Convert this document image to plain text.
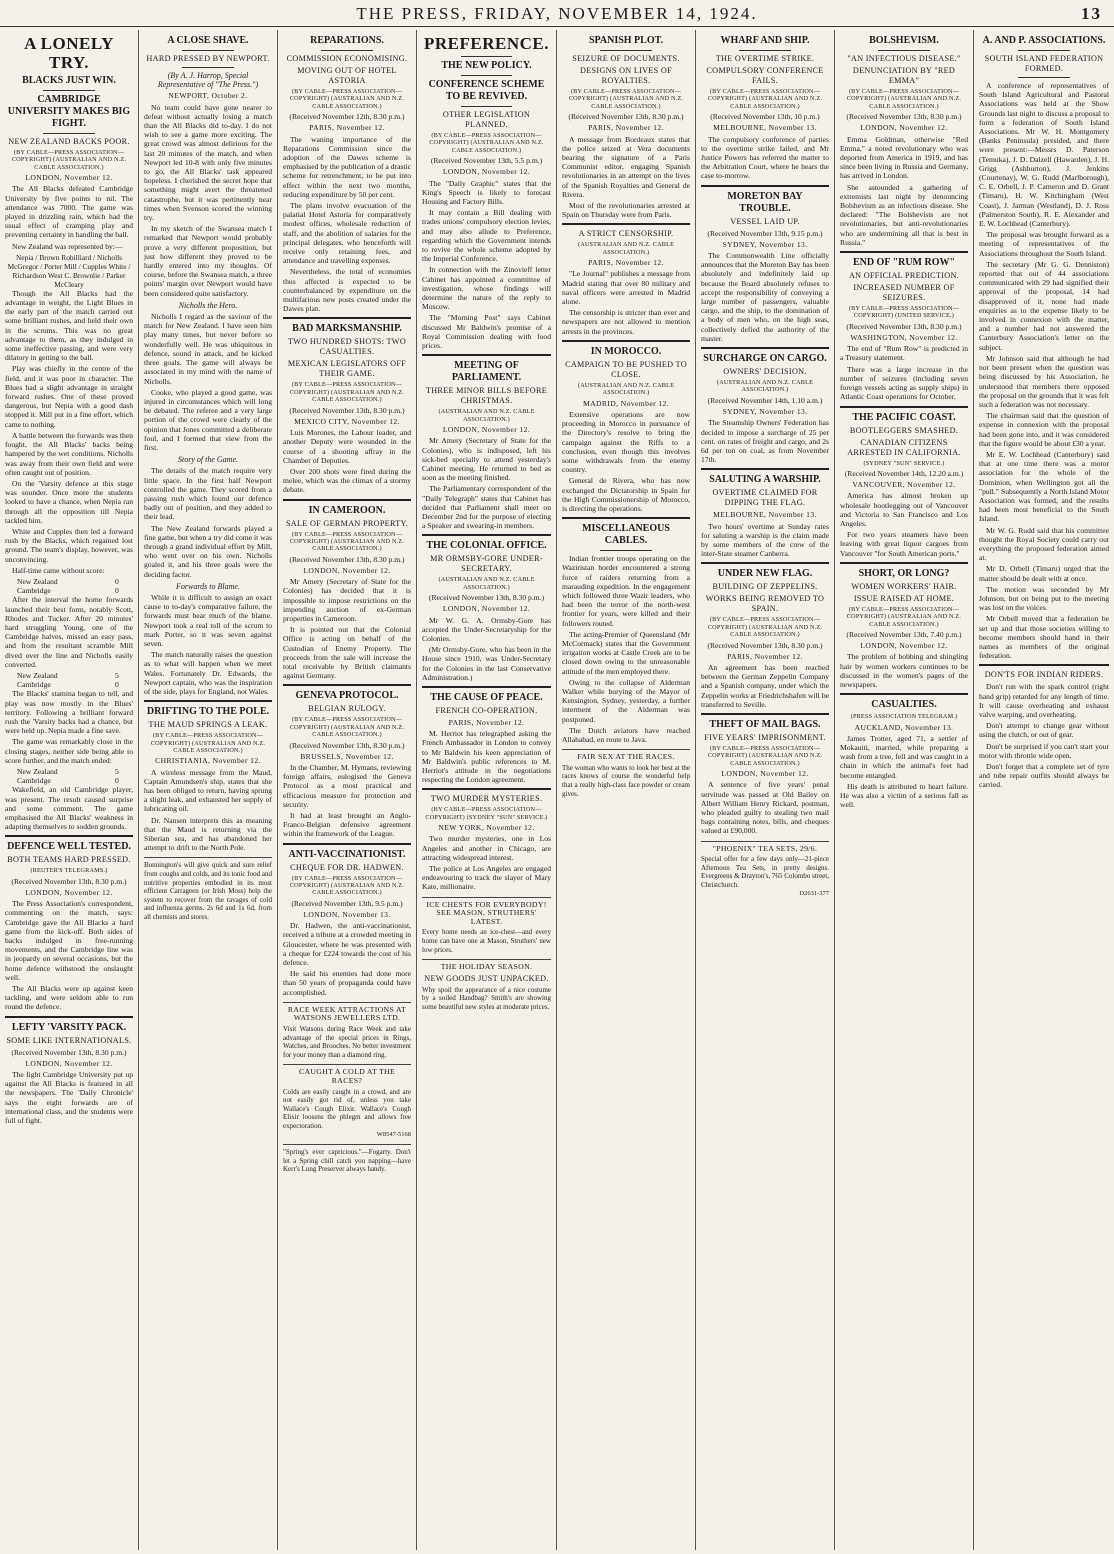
THE PRESS, FRIDAY, NOVEMBER 14, 1924.	13
A LONELY TRY.
BLACKS JUST WIN.
CAMBRIDGE UNIVERSITY MAKES BIG FIGHT.
NEW ZEALAND BACKS POOR.
(BY CABLE—PRESS ASSOCIATION—COPYRIGHT) (AUSTRALIAN AND N.Z. CABLE ASSOCIATION.)
LONDON, November 12.

The All Blacks defeated Cambridge University by five points to nil. The attendance was 7000. The game was played in drizzling rain, which had the usual effect of cramping play and preventing certainty in handling the ball.

New Zealand was represented by:—

Nepia / Brown Robilliard / Nicholls McGregor / Porter Mill / Cupples White / Richardson West C. Brownlie / Parker McCleary

Though the All Blacks had the advantage in weight, the Light Blues in the early part of the match carried out some brilliant rushes, and held their own in the scrums. This was no great advantage to them, as they indulged in some ineffective passing, and were very dilatory in getting to the ball.

Play was chiefly in the centre of the field, and it was poor in character. The Blues had a slight advantage in straight forward rushes. One of these proved dangerous, but Nepia with a good dash stopped it. Mill put in a fine effort, which came to nothing.

A battle between the forwards was then fought, the All Blacks' backs being hampered by the wet conditions. Nicholls was away from their own field and were often caught out of position.

On the 'Varsity defence at this stage was sounder. Once more the students looked to have a chance, when Nepia ran through all the opposition till Nepia tackled him.

White and Cupples then led a forward rush by the Blacks, which regained lost ground. The team's display, however, was unconvincing.

Half-time came without score:

New Zealand	0
Cambridge	0

After the interval the home forwards launched their best form, notably Scott, Rhodes and Tucker. After 20 minutes' hard struggling Young, one of the Cambridge halves, missed an easy pass, and from the resultant scramble Mill dived over the line and Nicholls easily converted.

New Zealand	5
Cambridge	0

The Blacks' stamina began to tell, and play was now mostly in the Blues' territory. Following a brilliant forward rush the 'Varsity backs had a chance, but were held up. Nepia made a fine save.

The game was remarkably close in the closing stages, neither side being able to score further, and the match ended:

New Zealand	5
Cambridge	0

Wakefield, an old Cambridge player, was present. The result caused surprise and some comment. The game emphasised the All Blacks' weakness in adapting themselves to sodden grounds.

DEFENCE WELL TESTED.
BOTH TEAMS HARD PRESSED.
(REUTER'S TELEGRAMS.)
(Received November 13th, 8.30 p.m.)
LONDON, November 12.

The Press Association's correspondent, commenting on the match, says: Cambridge gave the All Blacks a hard game from the kick-off. Both sides of backs indulged in free-running movements, and the Cambridge line was in jeopardy on several occasions, but the home defence withstood the onslaught well.

The All Blacks were up against keen tackling, and were seldom able to run round the defence.

LEFTY 'VARSITY PACK.
SOME LIKE INTERNATIONALS.
(Received November 13th, 8.30 p.m.)
LONDON, November 12.

The fight Cambridge University put up against the All Blacks is featured in all the newspapers. The 'Daily Chronicle' says the eight forwards are of international class, and the students were full of fight.

A CLOSE SHAVE.
HARD PRESSED BY NEWPORT.
(By A. J. Harrop, Special Representative of "The Press.")
NEWPORT, October 2.

No team could have gone nearer to defeat without actually losing a match than the All Blacks did to-day. I do not wish to see a game more exciting. The great crowd was almost delirious for the last 20 minutes of the match, and when Newport led 10-8 with only five minutes to go, the All Blacks' task appeared hopeless. I cherished the secret hope that something might avert the threatened catastrophe, but it was pertinently near times when Svenson scored the winning try.

In my sketch of the Swansea match I remarked that Newport would probably prove a very different proposition, but just how different they proved to be hardly entered into my thoughts. Of course, before the Swansea match, a three points' margin over Newport would have been considered quite satisfactory.

Nicholls the Hero.

Nicholls I regard as the saviour of the match for New Zealand. I have seen him play many times, but never before so wonderfully well. He was ubiquitous in defence, sound in attack, and he kicked three goals. The game will always be associated in my mind with the name of Nicholls.

Cooke, who played a good game, was injured in circumstances which will long be debated. The referee and a very large portion of the crowd were clearly of the opinion that Jones committed a deliberate foul, and I formed that view from the first.

Story of the Game.

The details of the match require very little space. In the first half Newport controlled the game. They scored from a passing rush which found our defence badly out of position, and they added to their lead.

The New Zealand forwards played a fine game, but when a try did come it was through a grand individual effort by Mill, who went over on his own. Nicholls goaled it, and his three goals were the deciding factor.

Forwards to Blame.

While it is difficult to assign an exact cause to to-day's comparative failure, the forwards must bear much of the blame. Newport took a real toll of the scrum to mark Porter, so it was seven against seven.

The match naturally raises the question as to what will happen when we meet Wales. Fortunately Dr. Edwards, the Newport captain, who was the inspiration of the side, plays for England, not Wales.

DRIFTING TO THE POLE.
THE MAUD SPRINGS A LEAK.
(BY CABLE—PRESS ASSOCIATION—COPYRIGHT) (AUSTRALIAN AND N.Z. CABLE ASSOCIATION.)
CHRISTIANIA, November 12.

A wireless message from the Maud, Captain Amundsen's ship, states that she has been obliged to return, having sprung a slight leak, and exhausted her supply of lubricating oil.

Dr. Nansen interprets this as meaning that the Maud is returning via the Siberian sea, and has abandoned her attempt to drift to the North Pole.

Bonnington's will give quick and sure relief from coughs and colds, and its tonic food and nutritive properties embodied in its most efficient Carrageen (or Irish Moss) help the system to recover from the ravages of cold and influenza germs. 2s 6d and 1s 6d, from all chemists and stores.
REPARATIONS.
COMMISSION ECONOMISING.
MOVING OUT OF HOTEL ASTORIA
(BY CABLE—PRESS ASSOCIATION—COPYRIGHT) (AUSTRALIAN AND N.Z. CABLE ASSOCIATION.)
(Received November 12th, 8.30 p.m.)
PARIS, November 12.

The waning importance of the Reparations Commission since the adoption of the Dawes scheme is emphasised by the publication of a drastic scheme for retrenchment, to be put into effect within the next two months, reducing expenditure by 50 per cent.

The plans involve evacuation of the palatial Hotel Astoria for comparatively modest offices, wholesale reduction of staff, and the abolition of salaries for the principal delegates, who henceforth will receive only retaining fees, and attendance and travelling expenses.

Nevertheless, the total of economies thus affected is expected to be counterbalanced by expenditure on the multifarious new posts created under the Dawes plan.

BAD MARKSMANSHIP.
TWO HUNDRED SHOTS: TWO CASUALTIES.
MEXICAN LEGISLATORS OFF THEIR GAME.
(BY CABLE—PRESS ASSOCIATION—COPYRIGHT) (AUSTRALIAN AND N.Z. CABLE ASSOCIATION.)
(Received November 13th, 8.30 p.m.)
MEXICO CITY, November 12.

Luis Morones, the Labour leader, and another Deputy were wounded in the course of a shooting affray in the Chamber of Deputies.

Over 200 shots were fired during the melee, which was the climax of a stormy debate.

IN CAMEROON.
SALE OF GERMAN PROPERTY.
(BY CABLE—PRESS ASSOCIATION—COPYRIGHT) (AUSTRALIAN AND N.Z. CABLE ASSOCIATION.)
(Received November 13th, 8.30 p.m.)
LONDON, November 12.

Mr Amery (Secretary of State for the Colonies) has decided that it is impossible to impose restrictions on the impending auction of ex-German properties in Cameroon.

It is pointed out that the Colonial Office is acting on behalf of the Custodian of Enemy Property. The proceeds from the sale will increase the total receivable by British claimants against Germany.

GENEVA PROTOCOL.
BELGIAN RULOGY.
(BY CABLE—PRESS ASSOCIATION—COPYRIGHT) (AUSTRALIAN AND N.Z. CABLE ASSOCIATION.)
(Received November 13th, 8.30 p.m.)
BRUSSELS, November 12.

In the Chamber, M. Hymans, reviewing foreign affairs, eulogised the Geneva Protocol as a most practical and efficacious measure for protection and security.

It had at least brought an Anglo-Franco-Belgian defensive agreement within the framework of the League.

ANTI-VACCINATIONIST.
CHEQUE FOR DR. HADWEN.
(BY CABLE—PRESS ASSOCIATION—COPYRIGHT) (AUSTRALIAN AND N.Z. CABLE ASSOCIATION.)
(Received November 13th, 9.5 p.m.)
LONDON, November 13.

Dr. Hadwen, the anti-vaccinationist, received a tribute at a crowded meeting in Gloucester, where he was presented with a cheque for £224 towards the cost of his defence.

He said his enemies had done more than 50 years of propaganda could have accomplished.

RACE WEEK ATTRACTIONS AT WATSONS JEWELLERS LTD.
Visit Watsons during Race Week and take advantage of the special prices in Rings, Watches, and Brooches. No better investment for your money than a diamond ring.
CAUGHT A COLD AT THE RACES?
Colds are easily caught in a crowd, and are not easily got rid of, unless you take Wallace's Cough Elixir. Wallace's Cough Elixir loosens the phlegm and allows free expectoration.
W8547-5168
"Spring's ever capricious."—Fogarty. Don't let a Spring chill catch you napping—have Kerr's Lung Preserver always handy.
PREFERENCE.
THE NEW POLICY.
CONFERENCE SCHEME TO BE REVIVED.
OTHER LEGISLATION PLANNED.
(BY CABLE—PRESS ASSOCIATION—COPYRIGHT) (AUSTRALIAN AND N.Z. CABLE ASSOCIATION.)
(Received November 13th, 5.5 p.m.)
LONDON, November 12.

The "Daily Graphic" states that the King's Speech is likely to forecast Housing and Factory Bills.

It may contain a Bill dealing with trades unions' compulsory election levies, and may also allude to Preference, regarding which the Government intends to revive the whole scheme adopted by the Imperial Conference.

In connection with the Zinovieff letter Cabinet has appointed a committee of investigation, whose findings will determine the nature of the reply to Moscow.

The "Morning Post" says Cabinet discussed Mr Baldwin's promise of a Royal Commission dealing with food prices.

MEETING OF PARLIAMENT.
THREE MINOR BILLS BEFORE CHRISTMAS.
(AUSTRALIAN AND N.Z. CABLE ASSOCIATION.)
LONDON, November 12.

Mr Amery (Secretary of State for the Colonies), who is indisposed, left his sick-bed specially to attend yesterday's Cabinet meeting. He returned to bed as soon as the meeting finished.

The Parliamentary correspondent of the "Daily Telegraph" states that Cabinet has decided that Parliament shall meet on December 2nd for the purpose of electing a Speaker and swearing-in members.

THE COLONIAL OFFICE.
MR ORMSBY-GORE UNDER-SECRETARY.
(AUSTRALIAN AND N.Z. CABLE ASSOCIATION.)
(Received November 13th, 8.30 p.m.)
LONDON, November 12.

Mr W. G. A. Ormsby-Gore has accepted the Under-Secretaryship for the Colonies.

(Mr Ormsby-Gore, who has been in the House since 1910, was Under-Secretary for the Colonies in the last Conservative Administration.)

THE CAUSE OF PEACE.
FRENCH CO-OPERATION.
PARIS, November 12.

M. Herriot has telegraphed asking the French Ambassador in London to convey to Mr Baldwin his keen appreciation of Mr Baldwin's public references to M. Herriot's attitude in the negotiations respecting the London agreement.

TWO MURDER MYSTERIES.
(BY CABLE—PRESS ASSOCIATION—COPYRIGHT) (SYDNEY "SUN" SERVICE.)
NEW YORK, November 12.

Two murder mysteries, one in Los Angeles and another in Chicago, are attracting widespread interest.

The police at Los Angeles are engaged endeavouring to track the slayer of Mary Kate, millionaire.

ICE CHESTS FOR EVERYBODY! SEE MASON, STRUTHERS' LATEST.
Every home needs an ice-chest—and every home can have one at Mason, Struthers' new low prices.
THE HOLIDAY SEASON.
NEW GOODS JUST UNPACKED.
Why spoil the appearance of a nice costume by a soiled Handbag? Smith's are showing some beautiful new styles at moderate prices.
SPANISH PLOT.
SEIZURE OF DOCUMENTS.
DESIGNS ON LIVES OF ROYALTIES.
(BY CABLE—PRESS ASSOCIATION—COPYRIGHT) (AUSTRALIAN AND N.Z. CABLE ASSOCIATION.)
(Received November 13th, 8.30 p.m.)
PARIS, November 12.

A message from Bordeaux states that the police seized at Vera documents bearing the signature of a Paris Communist editor, engaging Spanish revolutionaries in an attempt on the lives of the Spanish Royalties and General de Rivera.

Most of the revolutionaries arrested at Spain on Thursday were from Paris.

A STRICT CENSORSHIP.
(AUSTRALIAN AND N.Z. CABLE ASSOCIATION.)
PARIS, November 12.

"Le Journal" publishes a message from Madrid stating that over 80 military and naval officers were arrested in Madrid alone.

The censorship is stricter than ever and newspapers are not allowed to mention arrests in the provinces.

IN MOROCCO.
CAMPAIGN TO BE PUSHED TO CLOSE.
(AUSTRALIAN AND N.Z. CABLE ASSOCIATION.)
MADRID, November 12.

Extensive operations are now proceeding in Morocco in pursuance of the Directory's resolve to bring the campaign against the Riffs to a conclusion, even though this involves some withdrawals from the enemy country.

General de Rivera, who has now exchanged the Dictatorship in Spain for the High Commissionership of Morocco, is directing the operations.

MISCELLANEOUS CABLES.

Indian frontier troops operating on the Waziristan border encountered a strong force of raiders returning from a marauding expedition. In the engagement which followed three Wazir leaders, who had been the terror of the north-west frontier for years, were killed and their followers routed.

The acting-Premier of Queensland (Mr McCormack) states that the Government irrigation works at Castle Creek are to be closed down owing to the unreasonable attitude of the men employed there.

Owing to the collapse of Alderman Walker while burying of the Mayor of Kensington, Sydney, yesterday, a further interment of the Alderman was postponed.

The Dutch aviators have reached Allahabad, en route to Java.

FAIR SEX AT THE RACES.
The woman who wants to look her best at the races knows of course the wonderful help that a really high-class face powder or cream gives.
WHARF AND SHIP.
THE OVERTIME STRIKE.
COMPULSORY CONFERENCE FAILS.
(BY CABLE—PRESS ASSOCIATION—COPYRIGHT) (AUSTRALIAN AND N.Z. CABLE ASSOCIATION.)
(Received November 13th, 10 p.m.)
MELBOURNE, November 13.

The compulsory conference of parties to the overtime strike failed, and Mr Justice Powers has referred the matter to the Arbitration Court, where he hears the case to-morrow.

MORETON BAY TROUBLE.
VESSEL LAID UP.
(Received November 13th, 9.15 p.m.)
SYDNEY, November 13.

The Commonwealth Line officially announces that the Moreton Bay has been absolutely and indefinitely laid up because the Board absolutely refuses to accept the responsibility of conveying a large number of passengers, valuable cargo, and the ship, to the domination of a body of men who, on the high seas, collectively defied the authority of the master.

SURCHARGE ON CARGO.
OWNERS' DECISION.
(AUSTRALIAN AND N.Z. CABLE ASSOCIATION.)
(Received November 14th, 1.10 a.m.)
SYDNEY, November 13.

The Steamship Owners' Federation has decided to impose a surcharge of 25 per cent. on rates of freight and cargo, and 2s 6d per ton on coal, as from November 17th.

SALUTING A WARSHIP.
OVERTIME CLAIMED FOR DIPPING THE FLAG.
MELBOURNE, November 13.

Two hours' overtime at Sunday rates for saluting a warship is the claim made by some members of the crew of the inter-State steamer Canberra.

UNDER NEW FLAG.
BUILDING OF ZEPPELINS.
WORKS BEING REMOVED TO SPAIN.
(BY CABLE—PRESS ASSOCIATION—COPYRIGHT) (AUSTRALIAN AND N.Z. CABLE ASSOCIATION.)
(Received November 13th, 8.30 p.m.)
PARIS, November 12.

An agreement has been reached between the German Zeppelin Company and a Spanish company, under which the Zeppelin works at Friedrichshafen will be transferred to Seville.

THEFT OF MAIL BAGS.
FIVE YEARS' IMPRISONMENT.
(BY CABLE—PRESS ASSOCIATION—COPYRIGHT) (AUSTRALIAN AND N.Z. CABLE ASSOCIATION.)
LONDON, November 12.

A sentence of five years' penal servitude was passed at Old Bailey on Albert William Henry Rickard, postman, who pleaded guilty to stealing two mail bags containing notes, bills, and cheques valued at £90,000.

"PHOENIX" TEA SETS, 29/6.
Special offer for a few days only—21-piece Afternoon Tea Sets, in pretty designs. Evergreens & Drayton's, 765 Colombo street, Christchurch.
D2631-377
BOLSHEVISM.
"AN INFECTIOUS DISEASE."
DENUNCIATION BY "RED EMMA"
(BY CABLE—PRESS ASSOCIATION—COPYRIGHT) (AUSTRALIAN AND N.Z. CABLE ASSOCIATION.)
(Received November 13th, 8.30 p.m.)
LONDON, November 12.

Emma Goldman, otherwise "Red Emma," a noted revolutionary who was deported from America in 1919, and has since been living in Russia and Germany, has arrived in London.

She astounded a gathering of extremists last night by denouncing Bolshevism as an infectious disease. She declared: "The Bolshevists are not revolutionaries, but anti-revolutionaries who are undermining all that is best in Russia."

END OF "RUM ROW"
AN OFFICIAL PREDICTION.
INCREASED NUMBER OF SEIZURES.
(BY CABLE—PRESS ASSOCIATION—COPYRIGHT) (UNITED SERVICE.)
(Received November 13th, 8.30 p.m.)
WASHINGTON, November 12.

The end of "Rum Row" is predicted in a Treasury statement.

There was a large increase in the number of seizures (including seven foreign vessels acting as supply ships) in Atlantic Coast operations for October.

THE PACIFIC COAST.
BOOTLEGGERS SMASHED.
CANADIAN CITIZENS ARRESTED IN CALIFORNIA.
(SYDNEY "SUN" SERVICE.)
(Received November 14th, 12.20 a.m.)
VANCOUVER, November 12.

America has almost broken up wholesale bootlegging out of Vancouver and Victoria to San Francisco and Los Angeles.

For two years steamers have been leaving with great liquor cargoes from Vancouver "for South American ports."

SHORT, OR LONG?
WOMEN WORKERS' HAIR.
ISSUE RAISED AT HOME.
(BY CABLE—PRESS ASSOCIATION—COPYRIGHT) (AUSTRALIAN AND N.Z. CABLE ASSOCIATION.)
(Received November 13th, 7.40 p.m.)
LONDON, November 12.

The problem of bobbing and shingling hair by women workers continues to be discussed in the women's pages of the newspapers.

CASUALTIES.
(PRESS ASSOCIATION TELEGRAM.)
AUCKLAND, November 13.

James Trotter, aged 71, a settler of Mokauiti, married, while preparing a wash from a tree, fell and was caught in a chain in which the animal's feet had become entangled.

His death is attributed to heart failure. He was also a victim of a serious fall as well.

A. AND P. ASSOCIATIONS.
SOUTH ISLAND FEDERATION FORMED.

A conference of representatives of South Island Agricultural and Pastoral Associations was held at the Show Grounds last night to discuss a proposal to form a federation of South Island Associations. Mr W. H. Montgomery (Banks Peninsula) presided, and there were present:—Messrs D. Paterson (Temuka), J. D. Dalzell (Hawarden), J. H. Grigg (Ashburton), J. Jenkins (Courtenay), W. G. Rudd (Marlborough), C. E. Orbell, J. P. Cameron and D. Grant (Timaru), H. W. Kitchingham (West Coast), J. Jarman (Westland), D. J. Ross (Palmerston South), R. E. Alexander and E. W. Lochhead (Canterbury).

The proposal was brought forward as a meeting of representatives of the Associations throughout the South Island.

The secretary (Mr G. G. Denniston) reported that out of 44 associations communicated with 29 had signified their approval of the proposal, 14 had disapproved of it, none had made enquiries as to the expense likely to be involved in connexion with the matter, and a number had not answered the Canterbury Association's letter on the subject.

Mr Johnson said that although he had not been present when the question was being discussed by his Association, he understood that members there opposed the proposal on the grounds that it was felt such a federation was not necessary.

The chairman said that the question of expense in connexion with the proposal had been gone into, and it was considered that the figure would be about £30 a year.

Mr E. W. Lochhead (Canterbury) said that at one time there was a motor association for the whole of the Dominion, when Wellington got all the "pull." Subsequently a North Island Motor Association was formed, and the results had been most beneficial to the South Island.

Mr W. G. Rudd said that his committee thought the Royal Society could carry out everything the proposed federation aimed at.

Mr D. Orbell (Timaru) urged that the matter should be dealt with at once.

The motion was seconded by Mr Johnson, but on being put to the meeting was lost on the voices.

Mr Orbell moved that a federation be set up and that those societies willing to become members should hand in their names as members of the original federation.

DON'TS FOR INDIAN RIDERS.

Don't run with the spark control (right hand grip) retarded for any length of time. It will cause overheating and exhaust valve warping, and overheating.

Don't attempt to change gear without using the clutch, or out of gear.

Don't be surprised if you can't start your motor with throttle wide open.

Don't forget that a complete set of tyre and tube repair outfits should always be carried.
